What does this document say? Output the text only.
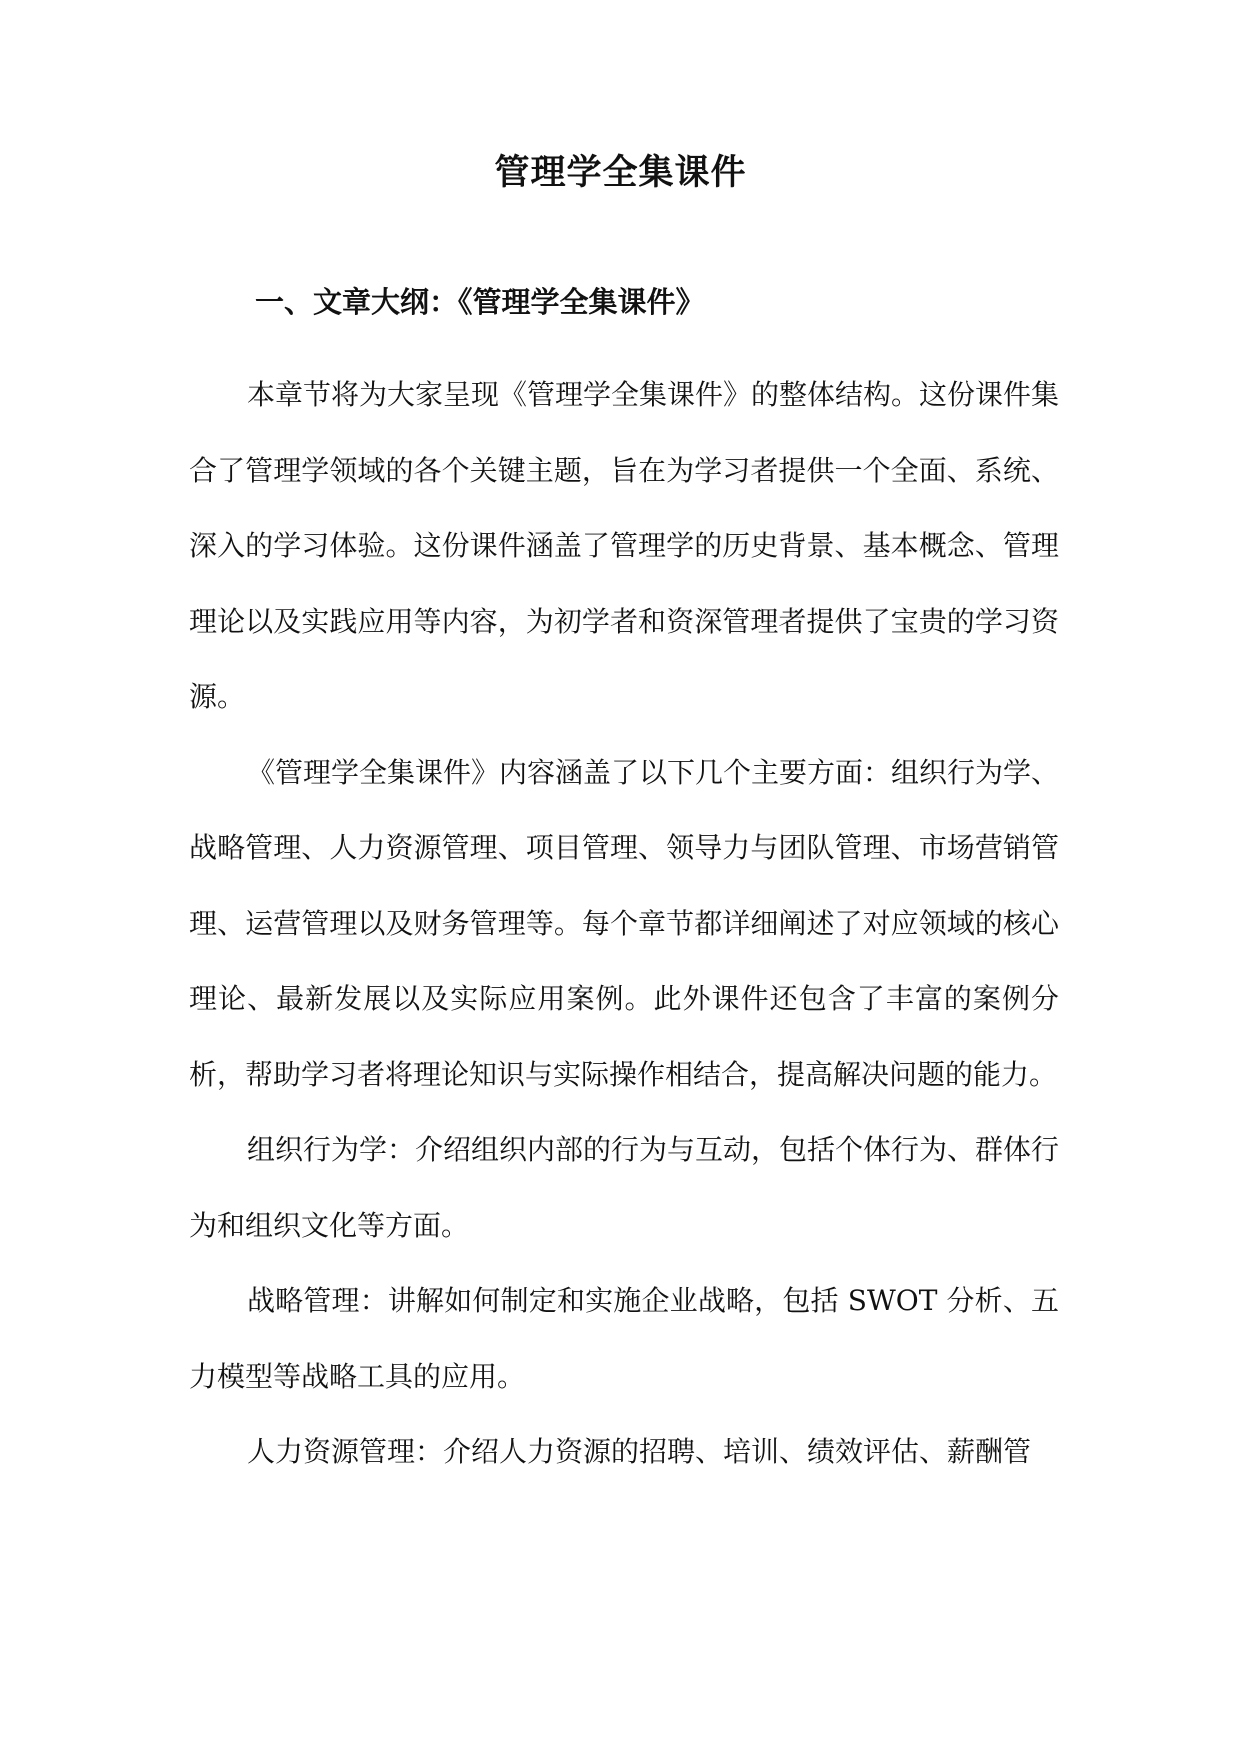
管理学全集课件
一、文章大纲：《管理学全集课件》

本章节将为大家呈现《管理学全集课件》的整体结构。这份课件集合了管理学领域的各个关键主题，旨在为学习者提供一个全面、系统、深入的学习体验。这份课件涵盖了管理学的历史背景、基本概念、管理理论以及实践应用等内容，为初学者和资深管理者提供了宝贵的学习资源。

《管理学全集课件》内容涵盖了以下几个主要方面：组织行为学、战略管理、人力资源管理、项目管理、领导力与团队管理、市场营销管理、运营管理以及财务管理等。每个章节都详细阐述了对应领域的核心理论、最新发展以及实际应用案例。此外课件还包含了丰富的案例分析，帮助学习者将理论知识与实际操作相结合，提高解决问题的能力。

组织行为学：介绍组织内部的行为与互动，包括个体行为、群体行为和组织文化等方面。

战略管理：讲解如何制定和实施企业战略，包括 SWOT 分析、五力模型等战略工具的应用。

人力资源管理：介绍人力资源的招聘、培训、绩效评估、薪酬管
